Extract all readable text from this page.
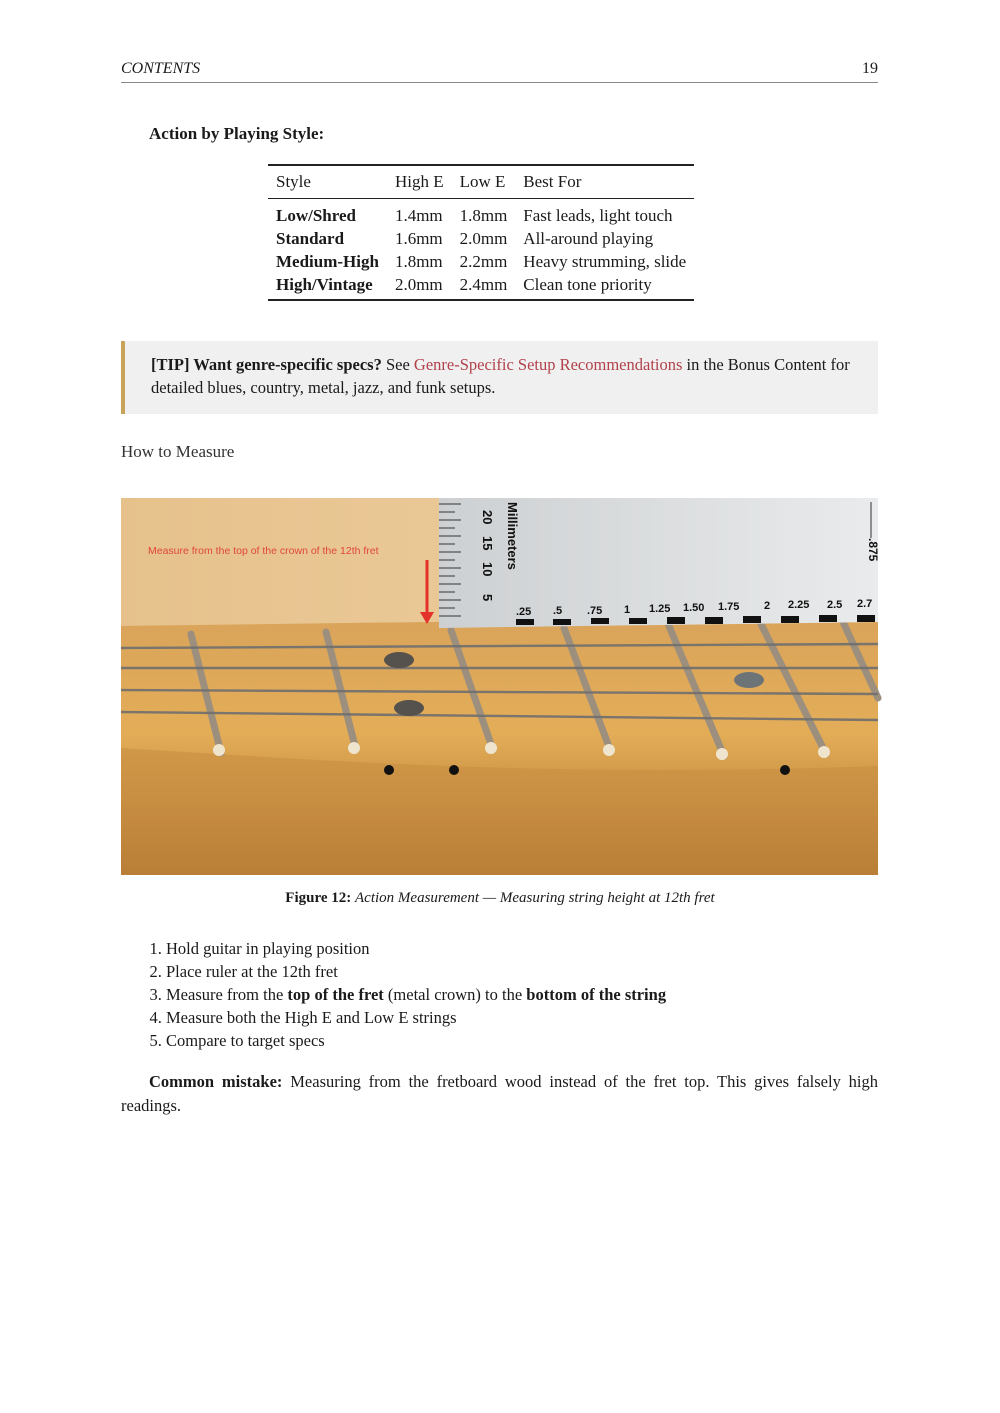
CONTENTS	19
Action by Playing Style:
Style	High E	Low E	Best For
Low/Shred	1.4mm	1.8mm	Fast leads, light touch
Standard	1.6mm	2.0mm	All-around playing
Medium-High	1.8mm	2.2mm	Heavy strumming, slide
High/Vintage	2.0mm	2.4mm	Clean tone priority
[TIP] Want genre-specific specs? See Genre-Specific Setup Recommendations in the Bonus Content for detailed blues, country, metal, jazz, and funk setups.
How to Measure
20
15
10
5
Millimeters	.875
.25 .5 .75 1 1.25 1.50 1.75 2 2.25 2.5 2.7
Measure from the top of the crown of the 12th fret
Figure 12: Action Measurement — Measuring string height at 12th fret
1. Hold guitar in playing position
2. Place ruler at the 12th fret
3. Measure from the top of the fret (metal crown) to the bottom of the string
4. Measure both the High E and Low E strings
5. Compare to target specs
Common mistake: Measuring from the fretboard wood instead of the fret top. This gives falsely high readings.
